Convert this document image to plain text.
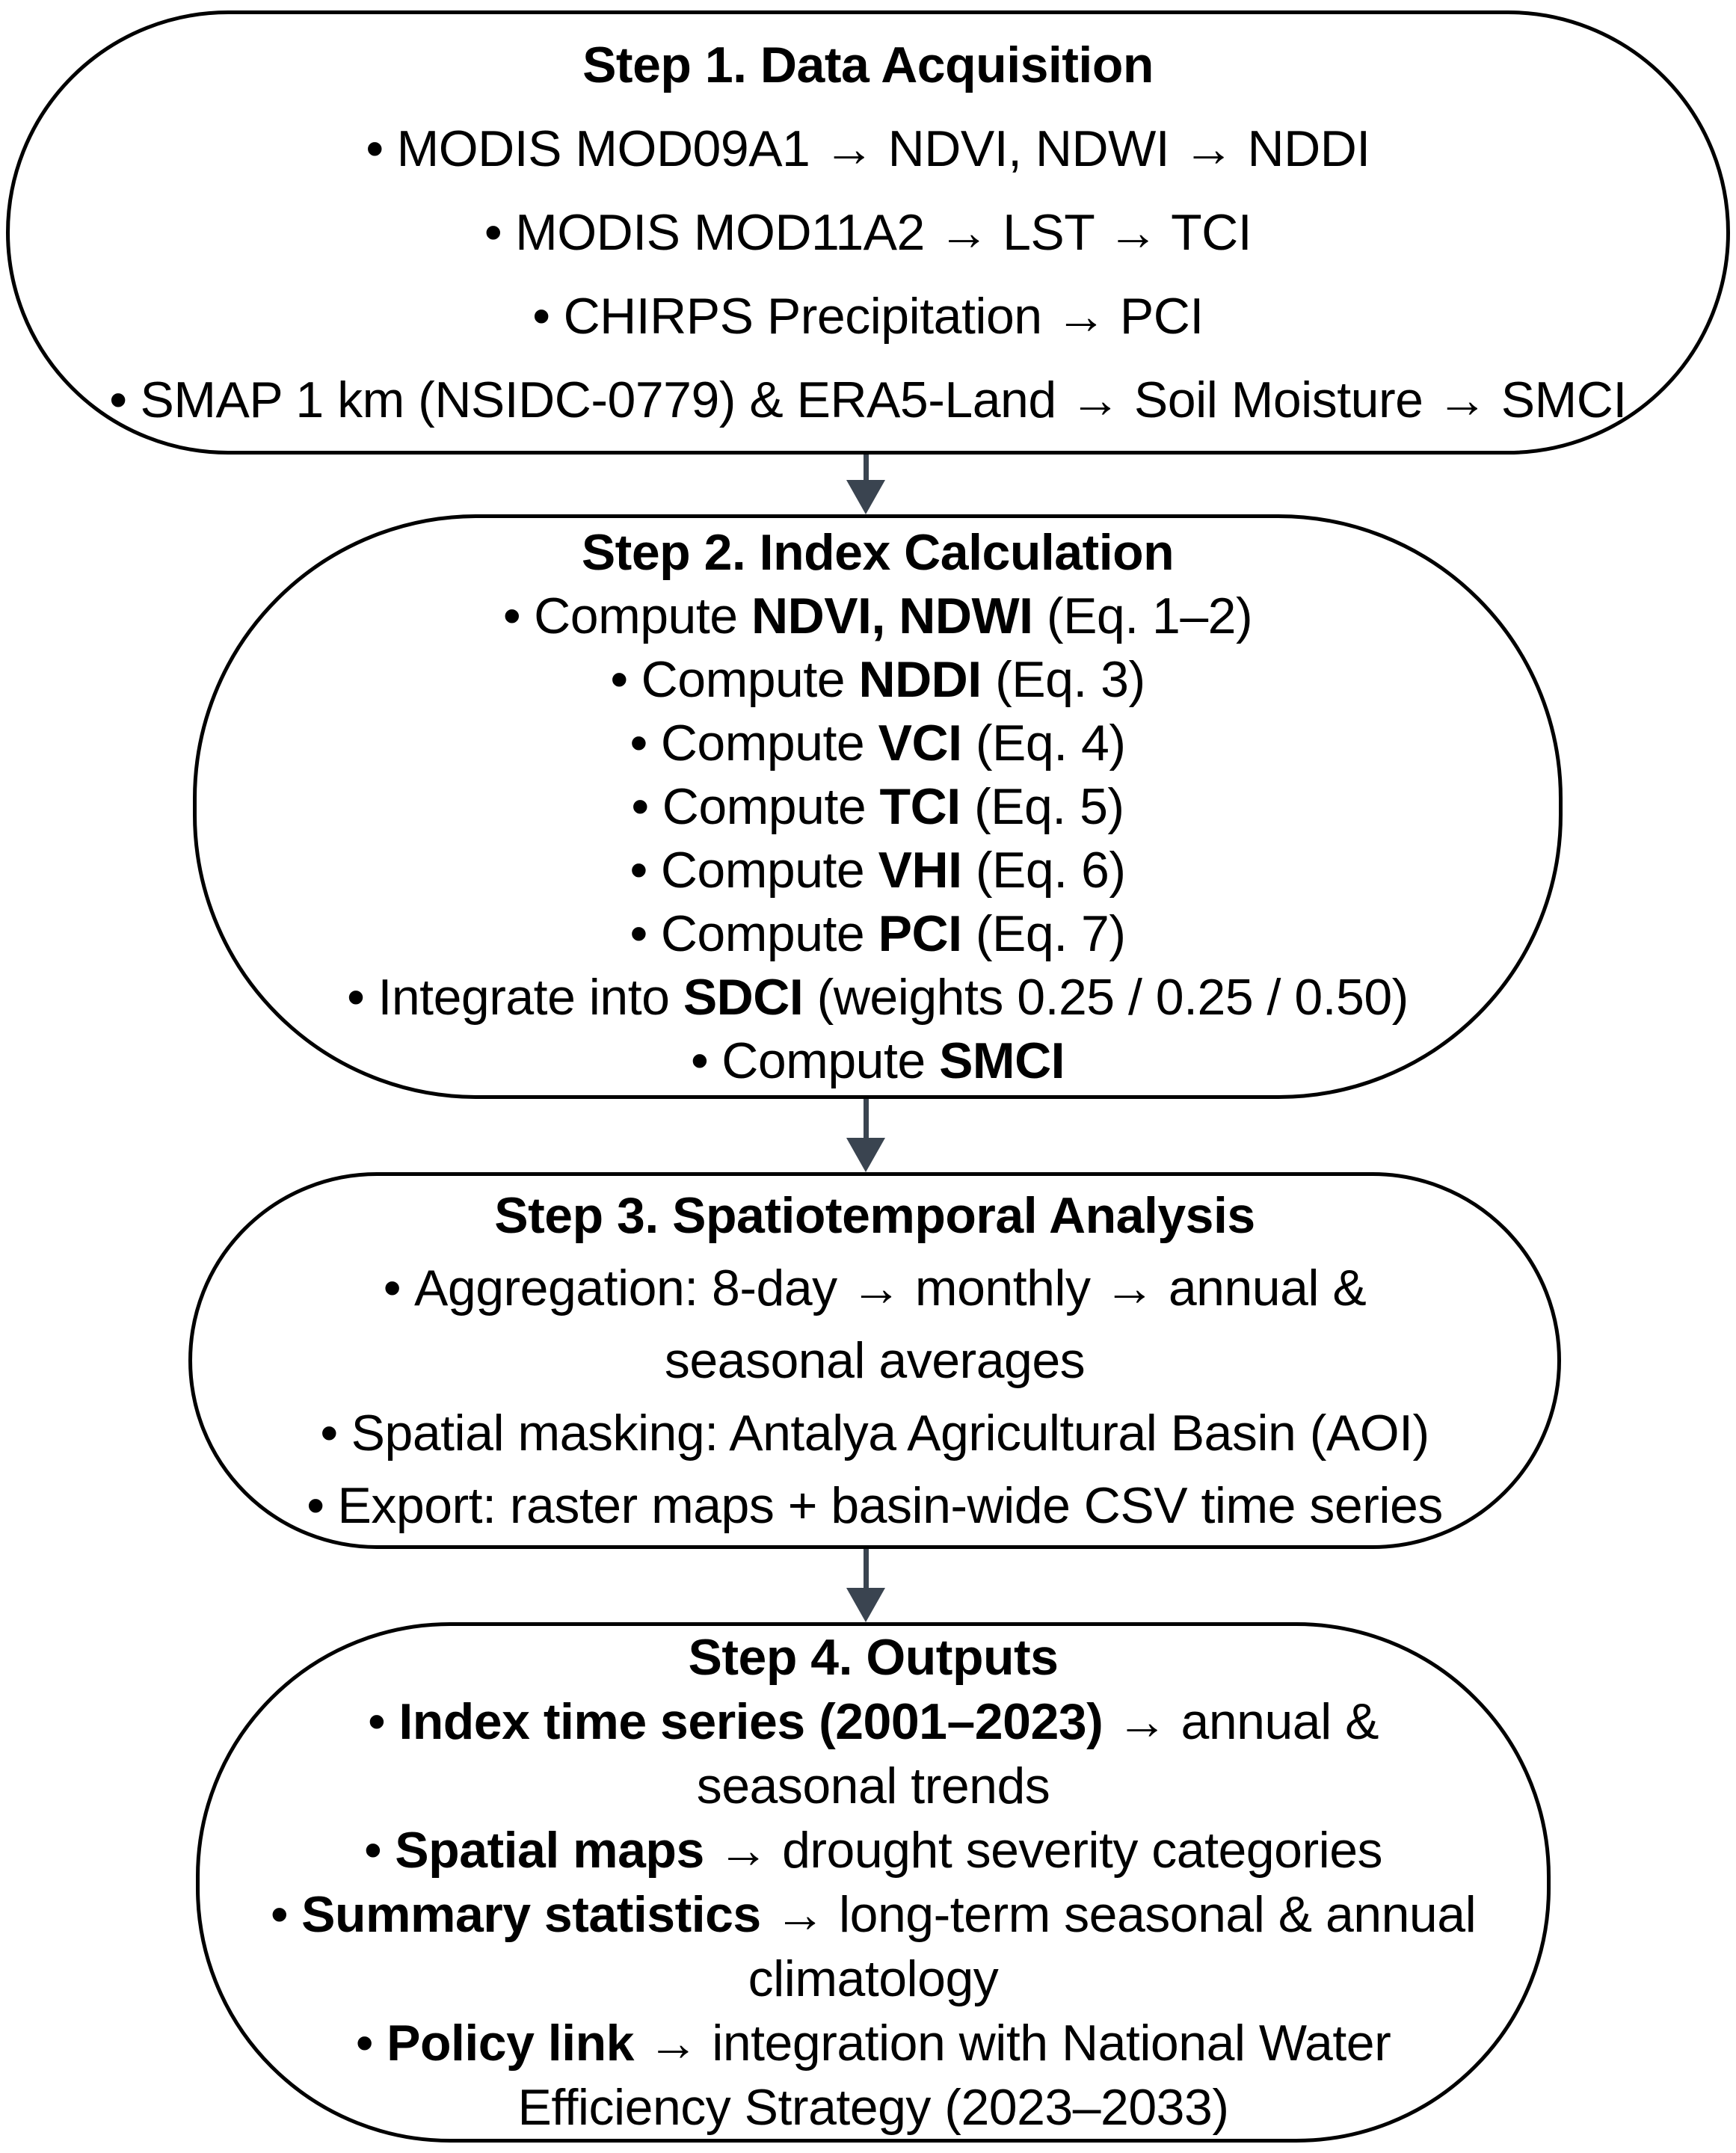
Step 1. Data Acquisition
• MODIS MOD09A1 → NDVI, NDWI → NDDI
• MODIS MOD11A2 → LST → TCI
• CHIRPS Precipitation → PCI
• SMAP 1 km (NSIDC-0779) & ERA5-Land → Soil Moisture → SMCI
Step 2. Index Calculation
• Compute NDVI, NDWI (Eq. 1–2)
• Compute NDDI (Eq. 3)
• Compute VCI (Eq. 4)
• Compute TCI (Eq. 5)
• Compute VHI (Eq. 6)
• Compute PCI (Eq. 7)
• Integrate into SDCI (weights 0.25 / 0.25 / 0.50)
• Compute SMCI
Step 3. Spatiotemporal Analysis
• Aggregation: 8-day → monthly → annual &
seasonal averages
• Spatial masking: Antalya Agricultural Basin (AOI)
• Export: raster maps + basin-wide CSV time series
Step 4. Outputs
• Index time series (2001–2023) → annual &
seasonal trends
• Spatial maps → drought severity categories
• Summary statistics → long-term seasonal & annual
climatology
• Policy link → integration with National Water
Efficiency Strategy (2023–2033)
